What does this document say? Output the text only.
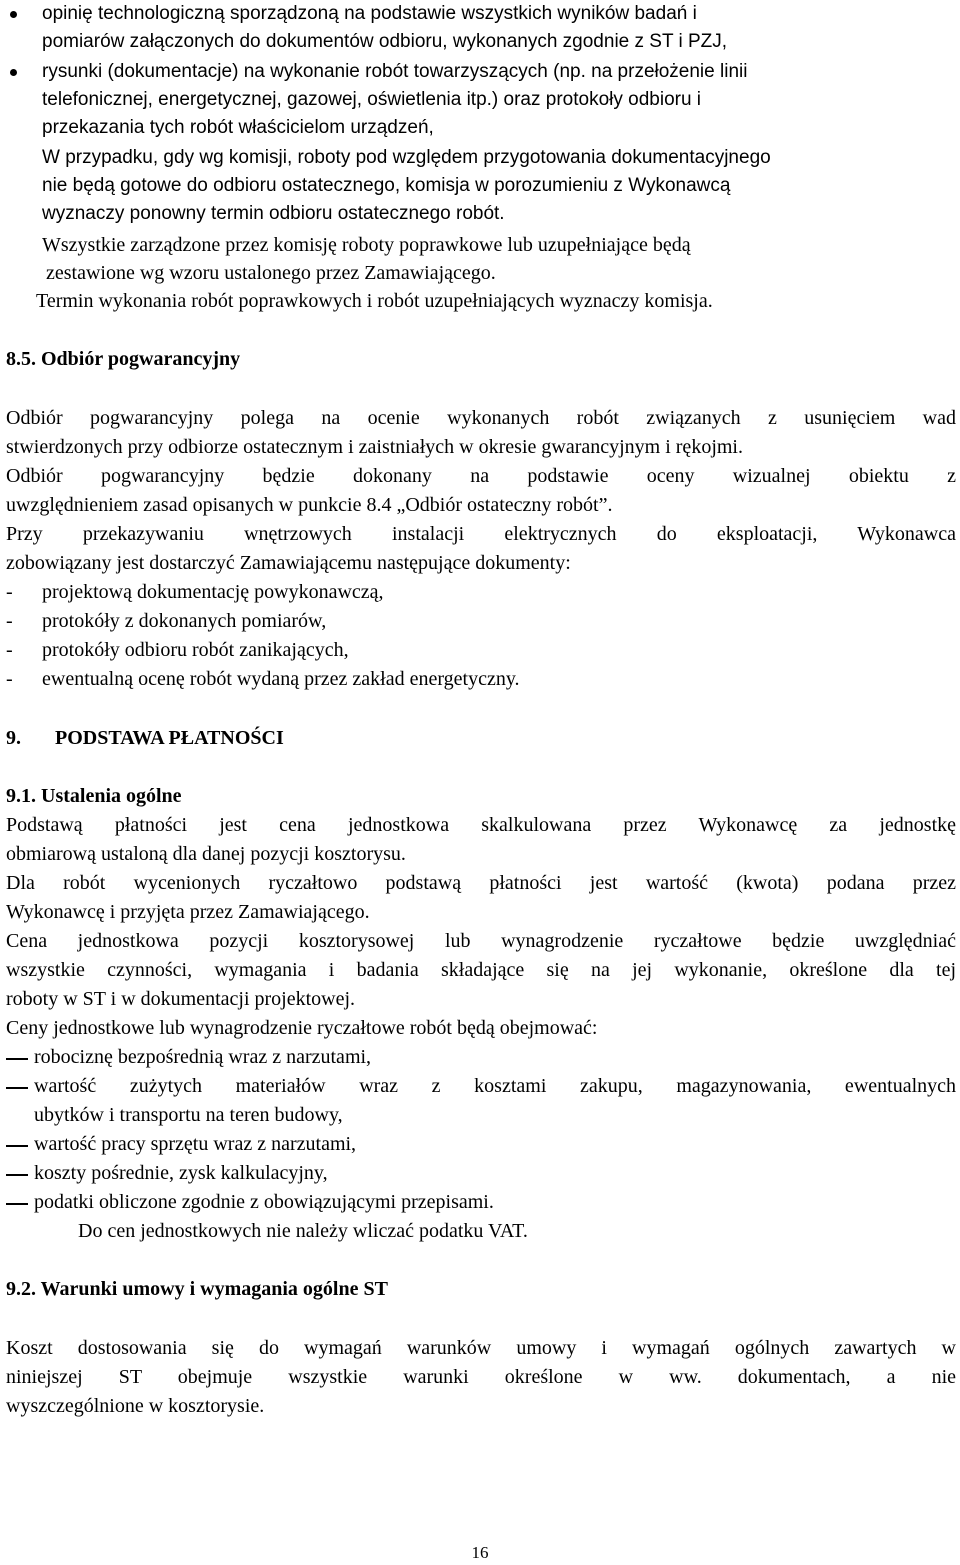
opinię technologiczną sporządzoną na podstawie wszystkich wyników badań i
pomiarów załączonych do dokumentów odbioru, wykonanych zgodnie z ST i PZJ,
rysunki (dokumentacje) na wykonanie robót towarzyszących (np. na przełożenie linii
telefonicznej, energetycznej, gazowej, oświetlenia itp.) oraz protokoły odbioru i
przekazania tych robót właścicielom urządzeń,
W przypadku, gdy wg komisji, roboty pod względem przygotowania dokumentacyjnego
nie będą gotowe do odbioru ostatecznego, komisja w porozumieniu z Wykonawcą
wyznaczy ponowny termin odbioru ostatecznego robót.
Wszystkie zarządzone przez komisję roboty poprawkowe lub uzupełniające będą
zestawione wg wzoru ustalonego przez Zamawiającego.
Termin wykonania robót poprawkowych i robót uzupełniających wyznaczy komisja.
8.5. Odbiór pogwarancyjny
Odbiór pogwarancyjny polega na ocenie wykonanych robót związanych z usunięciem wad
stwierdzonych przy odbiorze ostatecznym i zaistniałych w okresie gwarancyjnym i rękojmi.
Odbiór pogwarancyjny będzie dokonany na podstawie oceny wizualnej obiektu z
uwzględnieniem zasad opisanych w punkcie 8.4 „Odbiór ostateczny robót”.
Przy przekazywaniu wnętrzowych instalacji elektrycznych do eksploatacji, Wykonawca
zobowiązany jest dostarczyć Zamawiającemu następujące dokumenty:
- projektową dokumentację powykonawczą,
- protokóły z dokonanych pomiarów,
- protokóły odbioru robót zanikających,
- ewentualną ocenę robót wydaną przez zakład energetyczny.
9. PODSTAWA PŁATNOŚCI
9.1. Ustalenia ogólne
Podstawą płatności jest cena jednostkowa skalkulowana przez Wykonawcę za jednostkę
obmiarową ustaloną dla danej pozycji kosztorysu.
Dla robót wycenionych ryczałtowo podstawą płatności jest wartość (kwota) podana przez
Wykonawcę i przyjęta przez Zamawiającego.
Cena jednostkowa pozycji kosztorysowej lub wynagrodzenie ryczałtowe będzie uwzględniać
wszystkie czynności, wymagania i badania składające się na jej wykonanie, określone dla tej
roboty w ST i w dokumentacji projektowej.
Ceny jednostkowe lub wynagrodzenie ryczałtowe robót będą obejmować:
robociznę bezpośrednią wraz z narzutami,
wartość zużytych materiałów wraz z kosztami zakupu, magazynowania, ewentualnych
ubytków i transportu na teren budowy,
wartość pracy sprzętu wraz z narzutami,
koszty pośrednie, zysk kalkulacyjny,
podatki obliczone zgodnie z obowiązującymi przepisami.
Do cen jednostkowych nie należy wliczać podatku VAT.
9.2. Warunki umowy i wymagania ogólne ST
Koszt dostosowania się do wymagań warunków umowy i wymagań ogólnych zawartych w
niniejszej ST obejmuje wszystkie warunki określone w ww. dokumentach, a nie
wyszczególnione w kosztorysie.
16
